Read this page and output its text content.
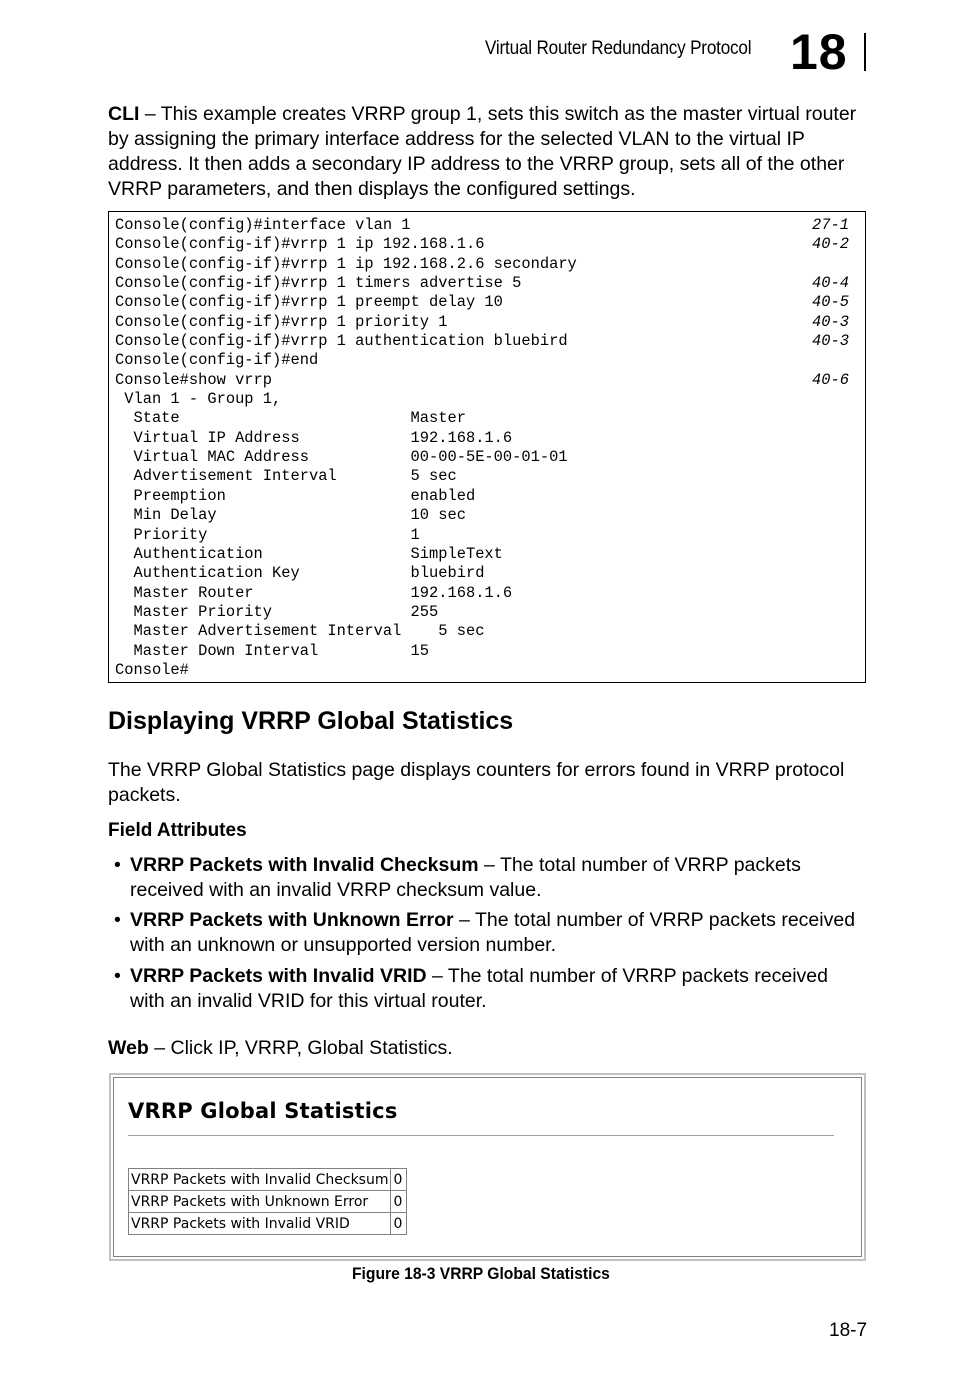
Virtual Router Redundancy Protocol 18
CLI – This example creates VRRP group 1, sets this switch as the master virtual router by assigning the primary interface address for the selected VLAN to the virtual IP address. It then adds a secondary IP address to the VRRP group, sets all of the other VRRP parameters, and then displays the configured settings.
Console(config)#interface vlan 1	27-1
Console(config-if)#vrrp 1 ip 192.168.1.6	40-2
Console(config-if)#vrrp 1 ip 192.168.2.6 secondary
Console(config-if)#vrrp 1 timers advertise 5	40-4
Console(config-if)#vrrp 1 preempt delay 10	40-5
Console(config-if)#vrrp 1 priority 1	40-3
Console(config-if)#vrrp 1 authentication bluebird	40-3
Console(config-if)#end
Console#show vrrp	40-6
Vlan 1 - Group 1,
State                         Master
Virtual IP Address            192.168.1.6
Virtual MAC Address           00-00-5E-00-01-01
Advertisement Interval        5 sec
Preemption                    enabled
Min Delay                     10 sec
Priority                      1
Authentication                SimpleText
Authentication Key            bluebird
Master Router                 192.168.1.6
Master Priority               255
Master Advertisement Interval    5 sec
Master Down Interval          15
Console#
Displaying VRRP Global Statistics
The VRRP Global Statistics page displays counters for errors found in VRRP protocol packets.
Field Attributes
• VRRP Packets with Invalid Checksum – The total number of VRRP packets received with an invalid VRRP checksum value.
• VRRP Packets with Unknown Error – The total number of VRRP packets received with an unknown or unsupported version number.
• VRRP Packets with Invalid VRID – The total number of VRRP packets received with an invalid VRID for this virtual router.
Web – Click IP, VRRP, Global Statistics.
VRRP Global Statistics
VRRP Packets with Invalid Checksum	0
VRRP Packets with Unknown Error	0
VRRP Packets with Invalid VRID	0
Figure 18-3 VRRP Global Statistics
18-7
